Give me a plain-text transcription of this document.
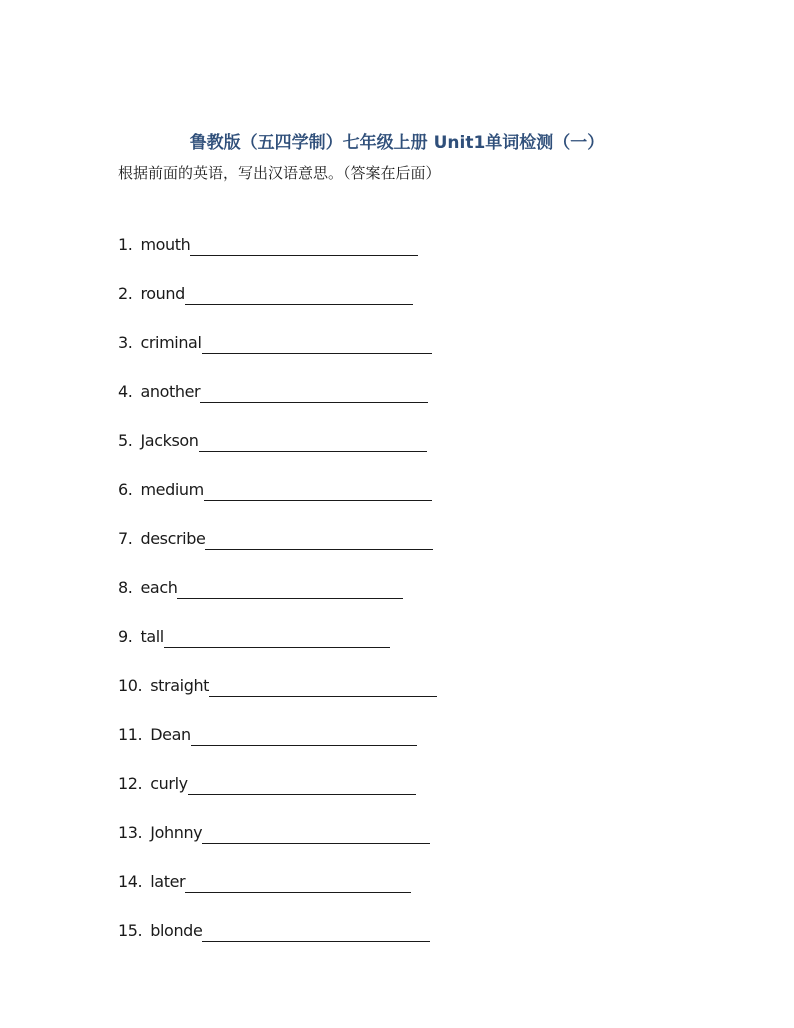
鲁教版（五四学制）七年级上册 Unit1单词检测（一）
根据前面的英语，写出汉语意思。（答案在后面）
1. mouth
2. round
3. criminal
4. another
5. Jackson
6. medium
7. describe
8. each
9. tall
10. straight
11. Dean
12. curly
13. Johnny
14. later
15. blonde
